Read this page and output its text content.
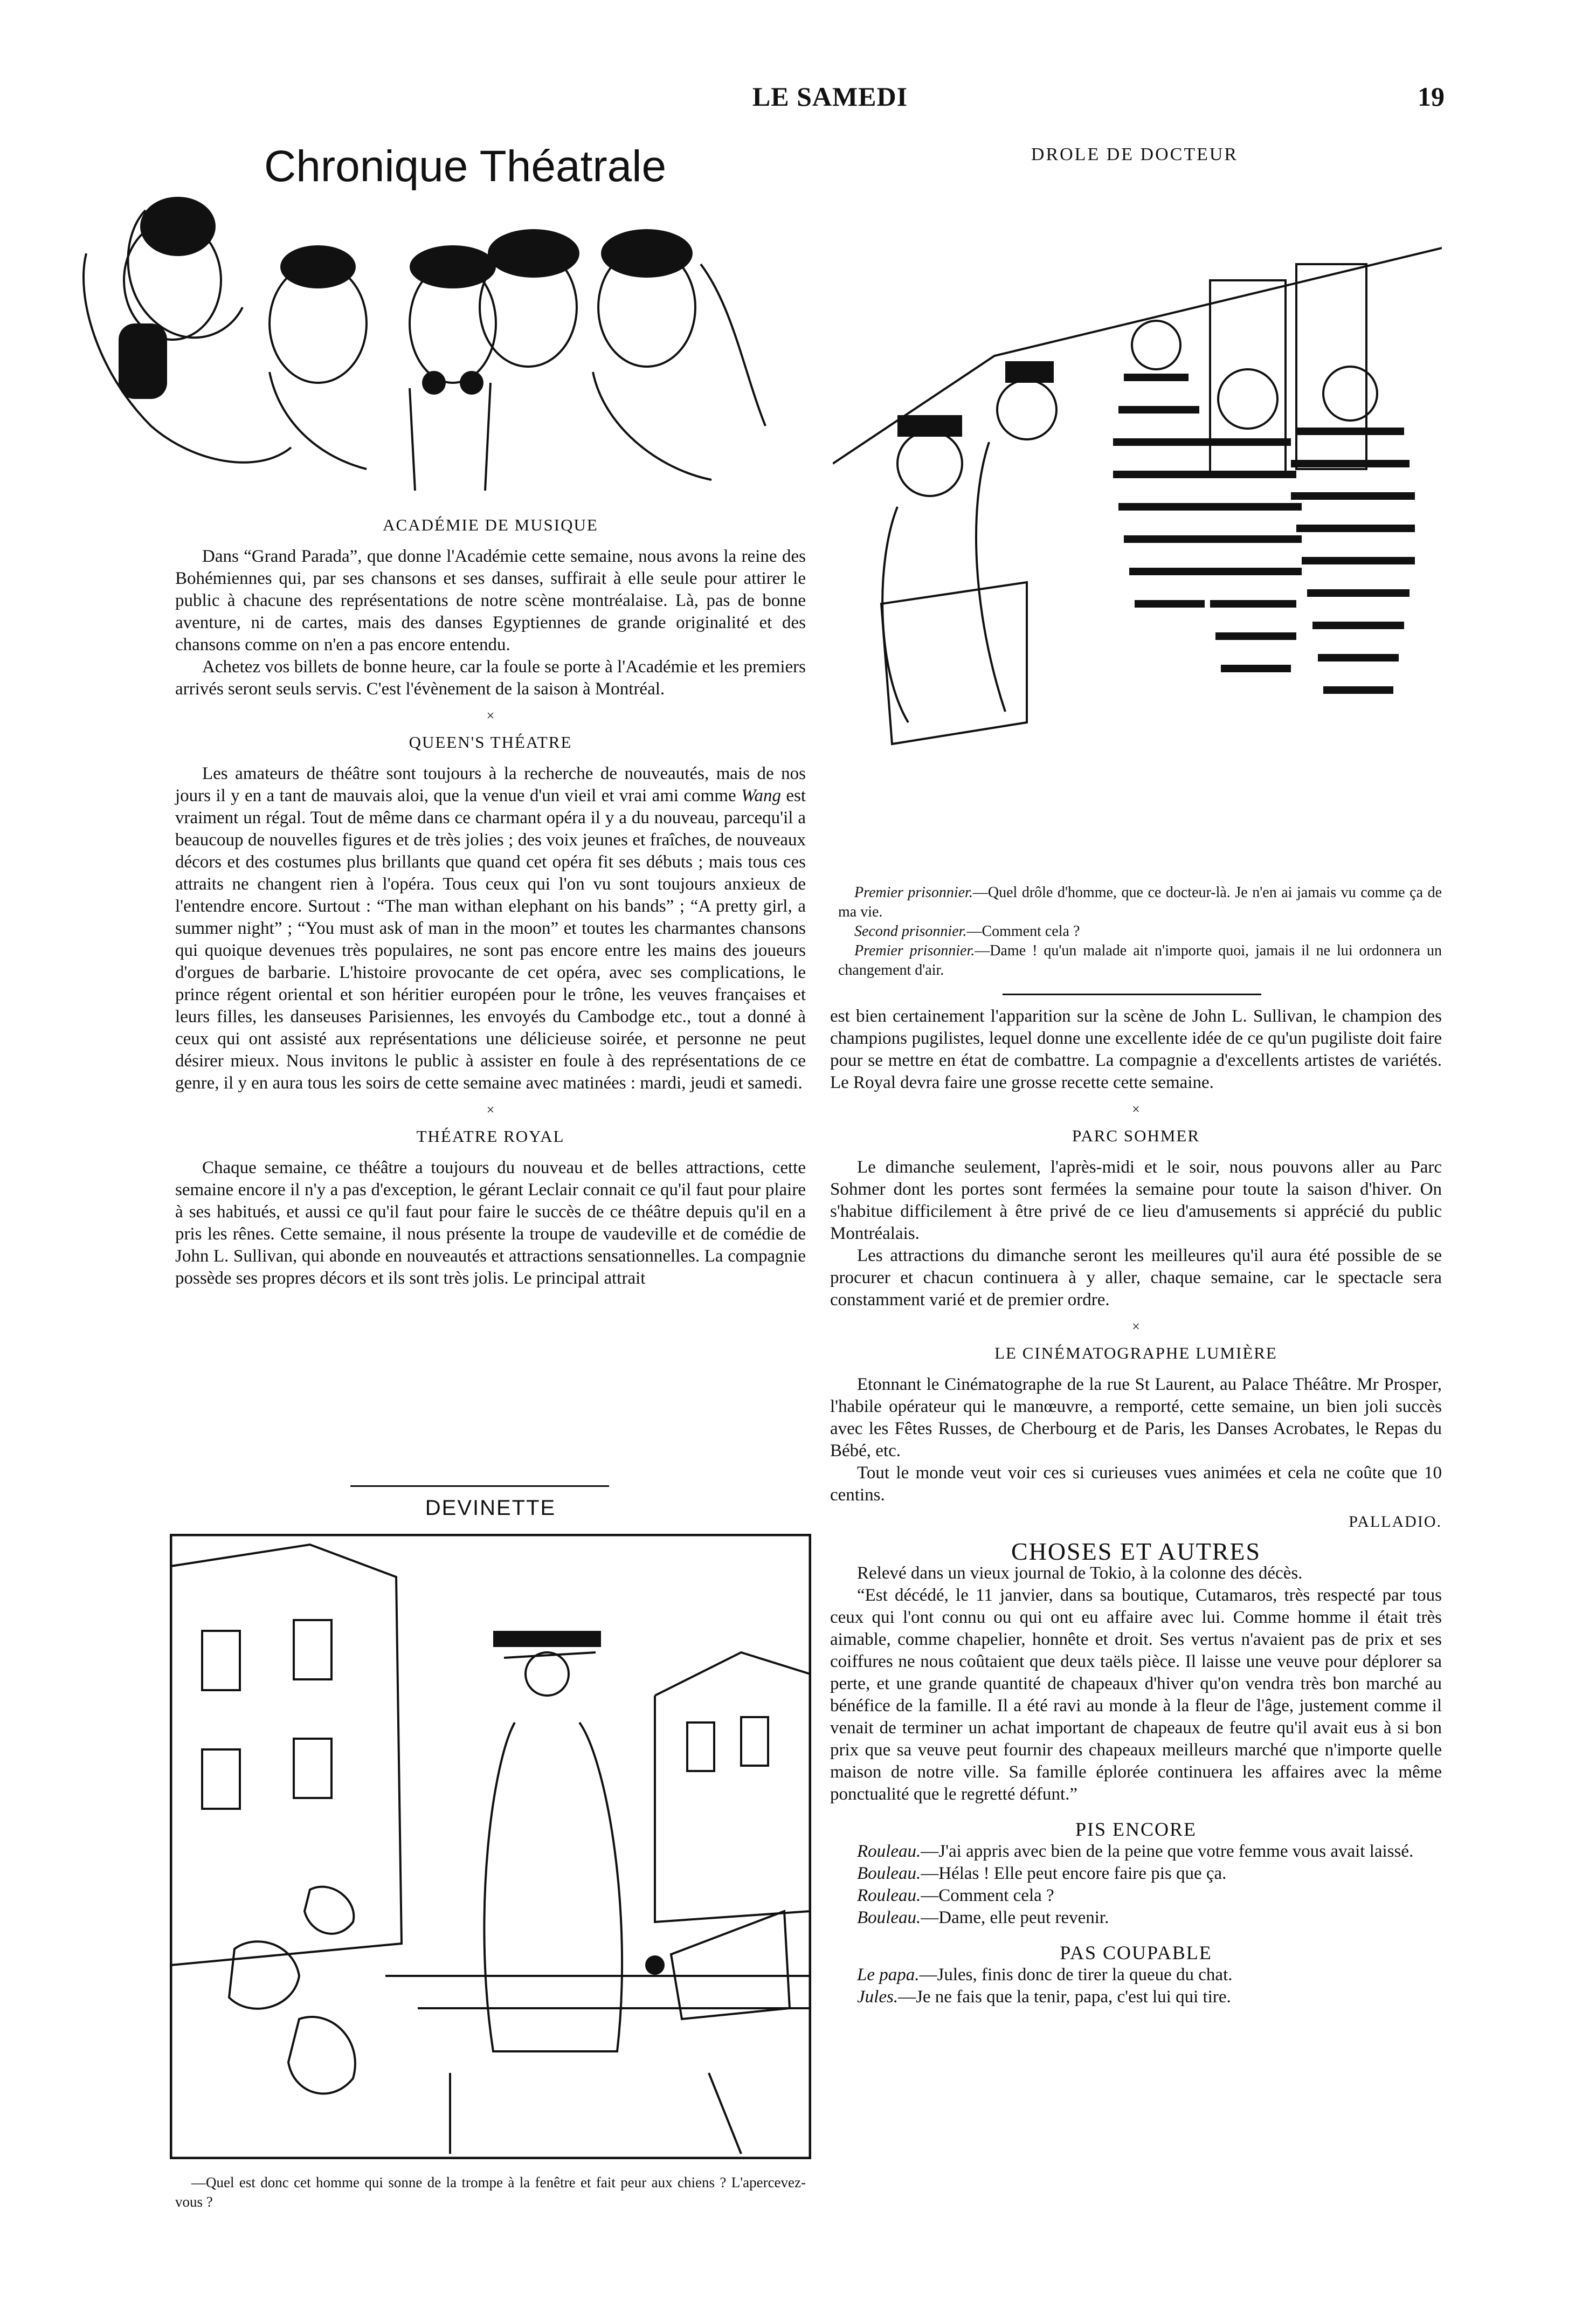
LE SAMEDI	19
Chronique Théatrale
ACADÉMIE DE MUSIQUE

Dans “Grand Parada”, que donne l'Académie cette semaine, nous avons la reine des Bohémiennes qui, par ses chansons et ses danses, suffirait à elle seule pour attirer le public à chacune des représentations de notre scène montréalaise. Là, pas de bonne aventure, ni de cartes, mais des danses Egyptiennes de grande originalité et des chansons comme on n'en a pas encore entendu.

Achetez vos billets de bonne heure, car la foule se porte à l'Académie et les premiers arrivés seront seuls servis. C'est l'évènement de la saison à Montréal.

×
QUEEN'S THÉATRE

Les amateurs de théâtre sont toujours à la recherche de nouveautés, mais de nos jours il y en a tant de mauvais aloi, que la venue d'un vieil et vrai ami comme Wang est vraiment un régal. Tout de même dans ce charmant opéra il y a du nouveau, parcequ'il a beaucoup de nouvelles figures et de très jolies ; des voix jeunes et fraîches, de nouveaux décors et des costumes plus brillants que quand cet opéra fit ses débuts ; mais tous ces attraits ne changent rien à l'opéra. Tous ceux qui l'on vu sont toujours anxieux de l'entendre encore. Surtout : “The man withan elephant on his bands” ; “A pretty girl, a summer night” ; “You must ask of man in the moon” et toutes les charmantes chansons qui quoique devenues très populaires, ne sont pas encore entre les mains des joueurs d'orgues de barbarie. L'histoire provocante de cet opéra, avec ses complications, le prince régent oriental et son héritier européen pour le trône, les veuves françaises et leurs filles, les danseuses Parisiennes, les envoyés du Cambodge etc., tout a donné à ceux qui ont assisté aux représentations une délicieuse soirée, et personne ne peut désirer mieux. Nous invitons le public à assister en foule à des représentations de ce genre, il y en aura tous les soirs de cette semaine avec matinées : mardi, jeudi et samedi.

×
THÉATRE ROYAL

Chaque semaine, ce théâtre a toujours du nouveau et de belles attractions, cette semaine encore il n'y a pas d'exception, le gérant Leclair connait ce qu'il faut pour plaire à ses habitués, et aussi ce qu'il faut pour faire le succès de ce théâtre depuis qu'il en a pris les rênes. Cette semaine, il nous présente la troupe de vaudeville et de comédie de John L. Sullivan, qui abonde en nouveautés et attractions sensationnelles. La compagnie possède ses propres décors et ils sont très jolis. Le principal attrait

DEVINETTE

—Quel est donc cet homme qui sonne de la trompe à la fenêtre et fait peur aux chiens ? L'apercevez-vous ?

DROLE DE DOCTEUR

Premier prisonnier.—Quel drôle d'homme, que ce docteur-là. Je n'en ai jamais vu comme ça de ma vie.

Second prisonnier.—Comment cela ?

Premier prisonnier.—Dame ! qu'un malade ait n'importe quoi, jamais il ne lui ordonnera un changement d'air.

est bien certainement l'apparition sur la scène de John L. Sullivan, le champion des champions pugilistes, lequel donne une excellente idée de ce qu'un pugiliste doit faire pour se mettre en état de combattre. La compagnie a d'excellents artistes de variétés. Le Royal devra faire une grosse recette cette semaine.

×
PARC SOHMER

Le dimanche seulement, l'après-midi et le soir, nous pouvons aller au Parc Sohmer dont les portes sont fermées la semaine pour toute la saison d'hiver. On s'habitue difficilement à être privé de ce lieu d'amusements si apprécié du public Montréalais.

Les attractions du dimanche seront les meilleures qu'il aura été possible de se procurer et chacun continuera à y aller, chaque semaine, car le spectacle sera constamment varié et de premier ordre.

×
LE CINÉMATOGRAPHE LUMIÈRE

Etonnant le Cinématographe de la rue St Laurent, au Palace Théâtre. Mr Prosper, l'habile opérateur qui le manœuvre, a remporté, cette semaine, un bien joli succès avec les Fêtes Russes, de Cherbourg et de Paris, les Danses Acrobates, le Repas du Bébé, etc.

Tout le monde veut voir ces si curieuses vues animées et cela ne coûte que 10 centins.

PALLADIO.
CHOSES ET AUTRES

Relevé dans un vieux journal de Tokio, à la colonne des décès.

“Est décédé, le 11 janvier, dans sa boutique, Cutamaros, très respecté par tous ceux qui l'ont connu ou qui ont eu affaire avec lui. Comme homme il était très aimable, comme chapelier, honnête et droit. Ses vertus n'avaient pas de prix et ses coiffures ne nous coûtaient que deux taëls pièce. Il laisse une veuve pour déplorer sa perte, et une grande quantité de chapeaux d'hiver qu'on vendra très bon marché au bénéfice de la famille. Il a été ravi au monde à la fleur de l'âge, justement comme il venait de terminer un achat important de chapeaux de feutre qu'il avait eus à si bon prix que sa veuve peut fournir des chapeaux meilleurs marché que n'importe quelle maison de notre ville. Sa famille éplorée continuera les affaires avec la même ponctualité que le regretté défunt.”

PIS ENCORE

Rouleau.—J'ai appris avec bien de la peine que votre femme vous avait laissé.

Bouleau.—Hélas ! Elle peut encore faire pis que ça.

Rouleau.—Comment cela ?

Bouleau.—Dame, elle peut revenir.

PAS COUPABLE

Le papa.—Jules, finis donc de tirer la queue du chat.

Jules.—Je ne fais que la tenir, papa, c'est lui qui tire.
